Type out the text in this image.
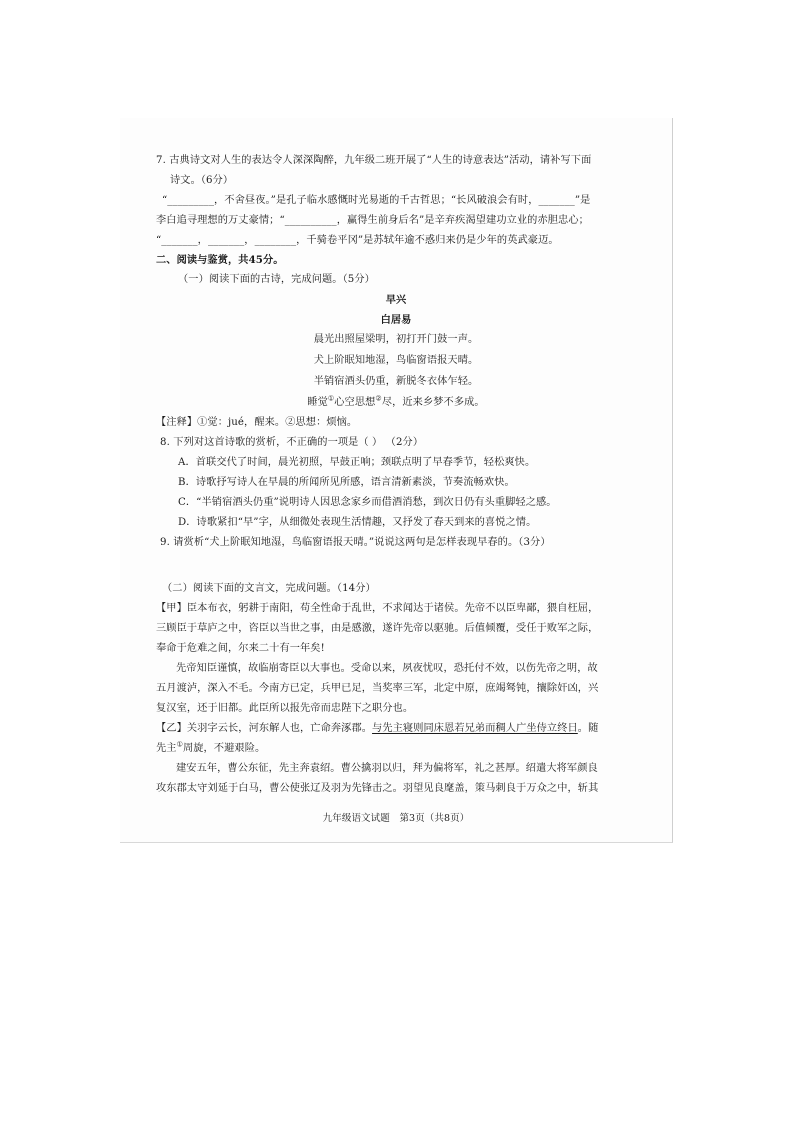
7. 古典诗文对人生的表达令人深深陶醉，九年级二班开展了“人生的诗意表达”活动，请补写下面
诗文。（6分）
“_________，不舍昼夜。”是孔子临水感慨时光易逝的千古哲思；“长风破浪会有时，_______”是
李白追寻理想的万丈豪情；“__________，赢得生前身后名”是辛弃疾渴望建功立业的赤胆忠心；
“_______，_______，________，千骑卷平冈”是苏轼年逾不惑归来仍是少年的英武豪迈。
二、阅读与鉴赏，共45分。
（一）阅读下面的古诗，完成问题。（5分）
早兴
白居易
晨光出照屋梁明，初打开门鼓一声。
犬上阶眠知地湿，鸟临窗语报天晴。
半销宿酒头仍重，新脱冬衣体乍轻。
睡觉①心空思想②尽，近来乡梦不多成。
【注释】①觉：jué，醒来。②思想：烦恼。
8. 下列对这首诗歌的赏析，不正确的一项是（ ） （2分）
A．首联交代了时间，晨光初照，早鼓正响；颈联点明了早春季节，轻松爽快。
B．诗歌抒写诗人在早晨的所闻所见所感，语言清新素淡，节奏流畅欢快。
C．“半销宿酒头仍重”说明诗人因思念家乡而借酒消愁，到次日仍有头重脚轻之感。
D．诗歌紧扣“早”字，从细微处表现生活情趣，又抒发了春天到来的喜悦之情。
9. 请赏析“犬上阶眠知地湿，鸟临窗语报天晴。”说说这两句是怎样表现早春的。（3分）
（二）阅读下面的文言文，完成问题。（14分）
【甲】臣本布衣，躬耕于南阳，苟全性命于乱世，不求闻达于诸侯。先帝不以臣卑鄙，猥自枉屈，
三顾臣于草庐之中，咨臣以当世之事，由是感激，遂许先帝以驱驰。后值倾覆，受任于败军之际，
奉命于危难之间，尔来二十有一年矣!
先帝知臣谨慎，故临崩寄臣以大事也。受命以来，夙夜忧叹，恐托付不效，以伤先帝之明，故
五月渡泸，深入不毛。今南方已定，兵甲已足，当奖率三军，北定中原，庶竭驽钝，攘除奸凶，兴
复汉室，还于旧都。此臣所以报先帝而忠陛下之职分也。
【乙】关羽字云长，河东解人也，亡命奔涿郡。与先主寝则同床恩若兄弟而稠人广坐侍立终日。随
先主①周旋，不避艰险。
建安五年，曹公东征，先主奔袁绍。曹公擒羽以归，拜为偏将军，礼之甚厚。绍遣大将军颜良
攻东郡太守刘延于白马，曹公使张辽及羽为先锋击之。羽望见良麾盖，策马刺良于万众之中，斩其
九年级语文试题　第3页（共8页）
